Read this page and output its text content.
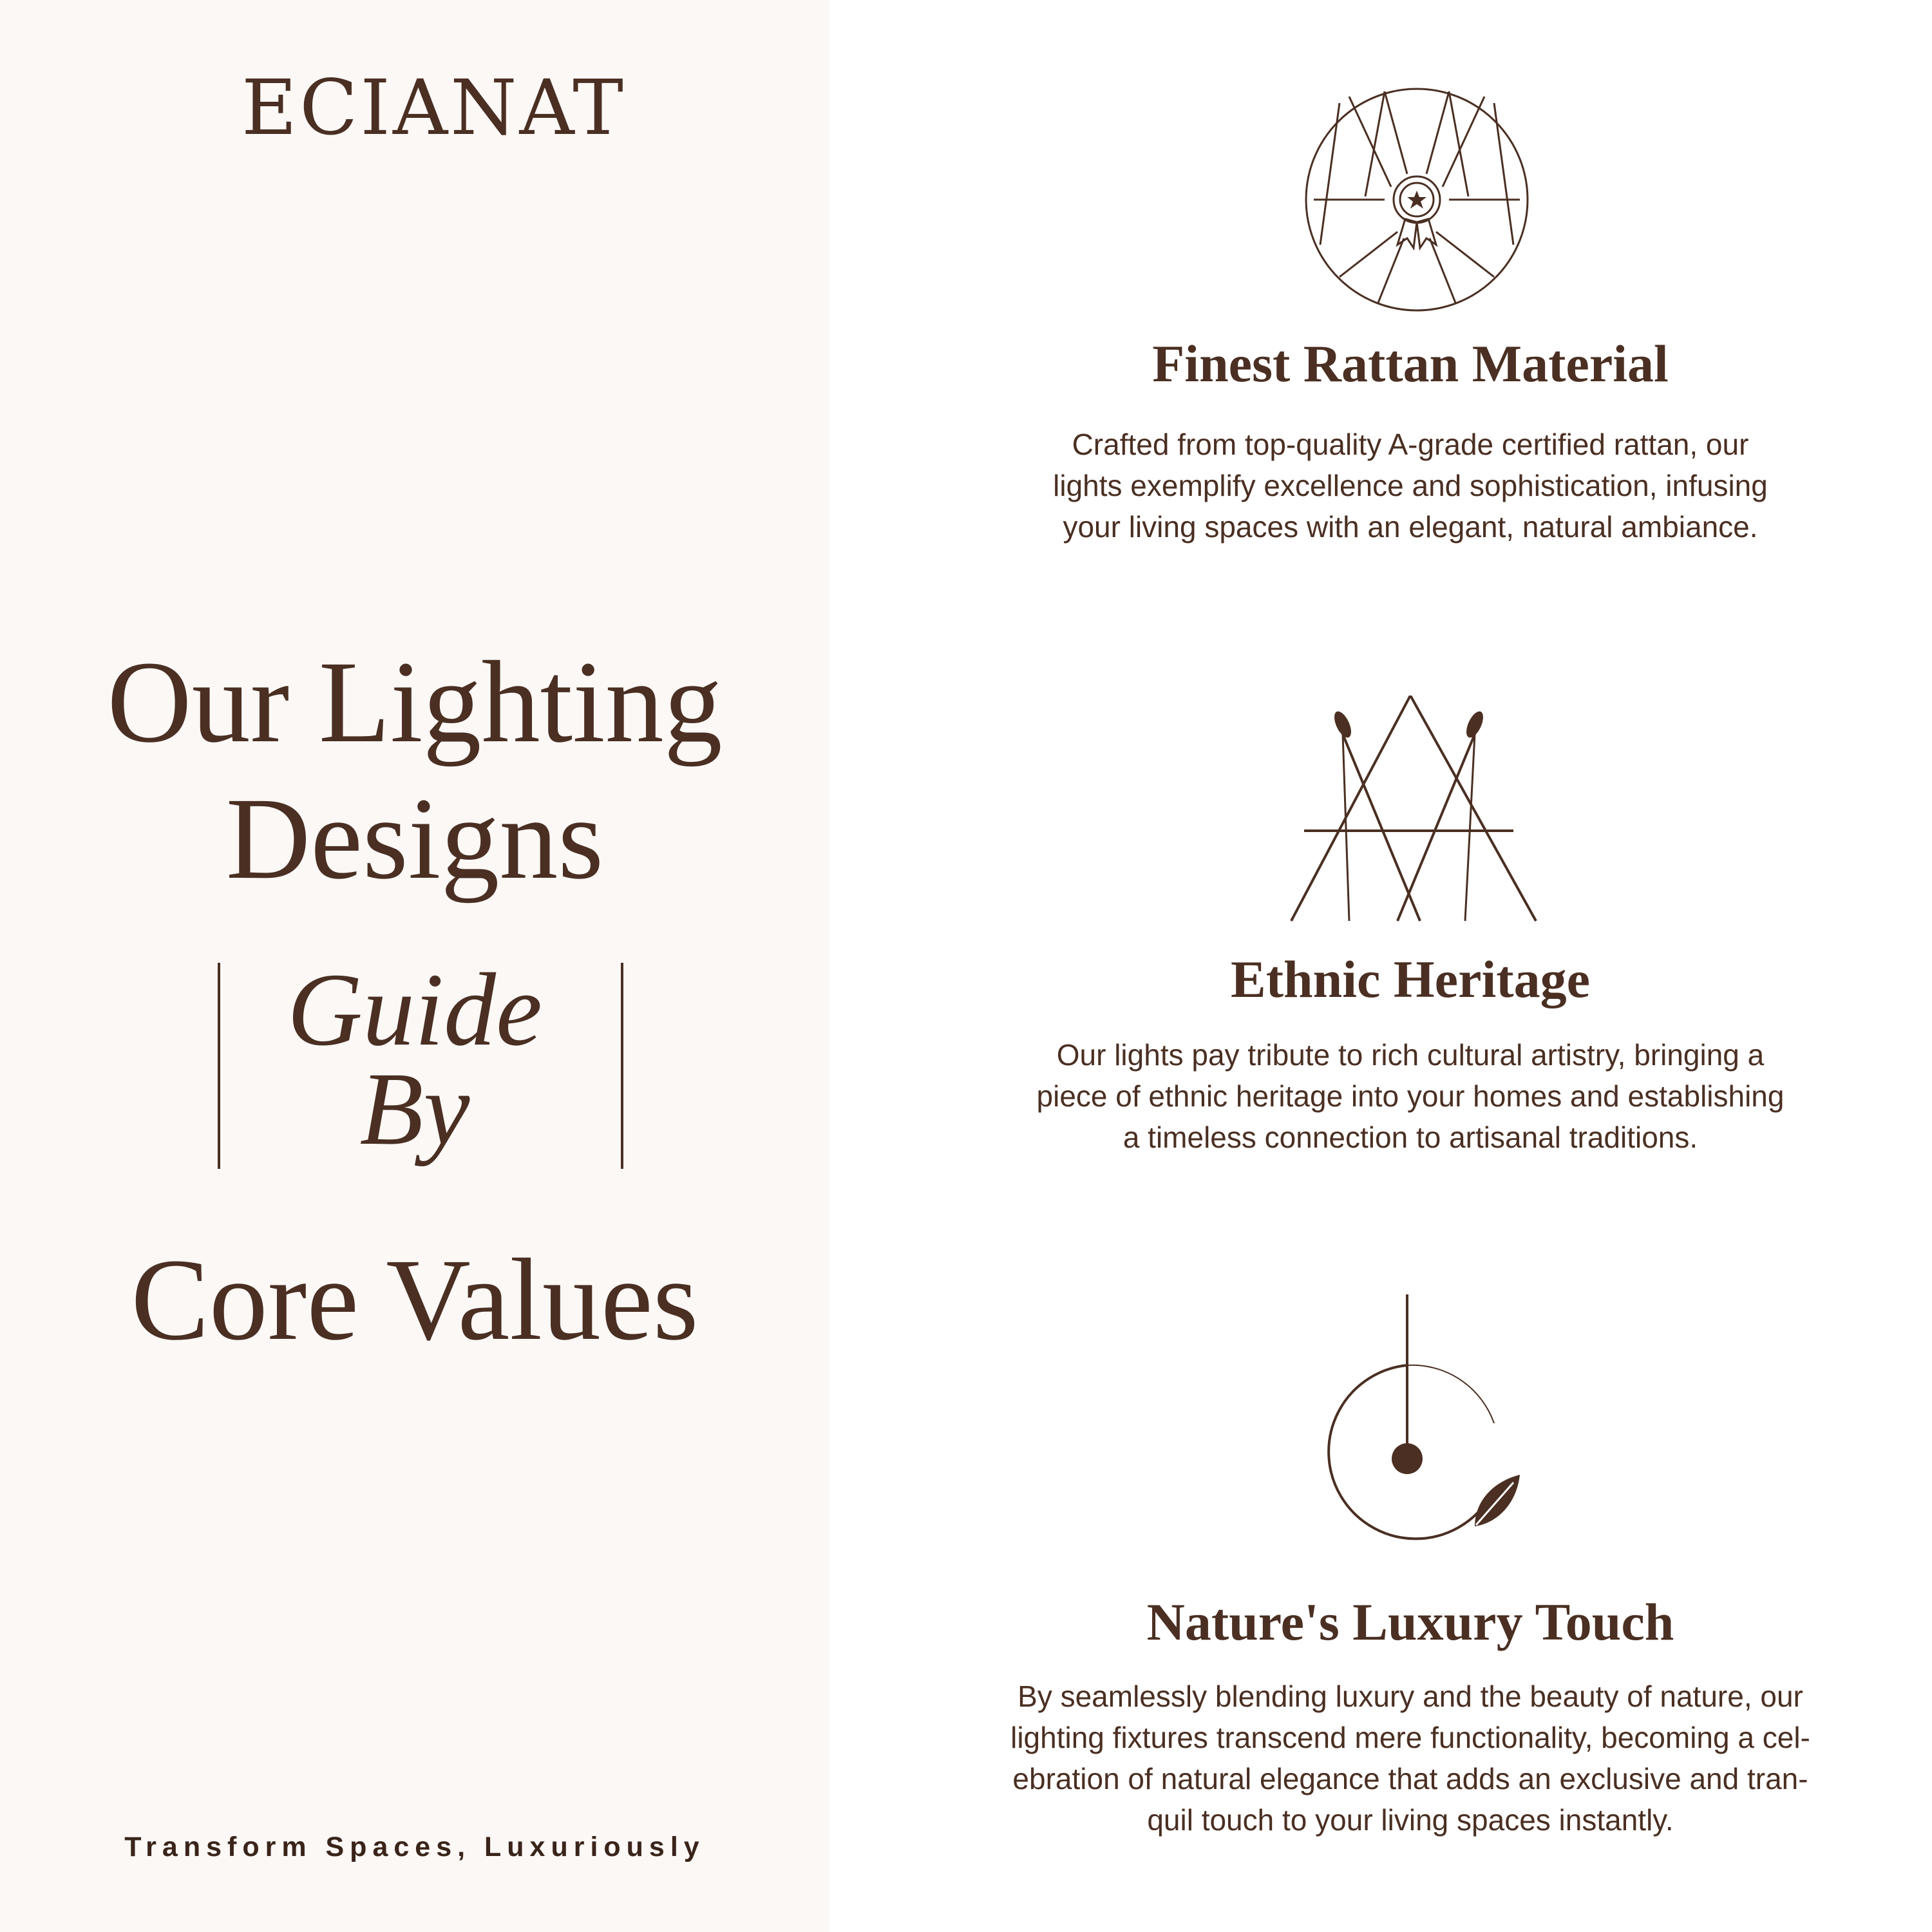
ECIANAT
Our Lighting
Designs
Guide
By
Core Values
Transform Spaces, Luxuriously
Finest Rattan Material
Crafted from top-quality A-grade certified rattan, our
lights exemplify excellence and sophistication, infusing
your living spaces with an elegant, natural ambiance.
Ethnic Heritage
Our lights pay tribute to rich cultural artistry, bringing a
piece of ethnic heritage into your homes and establishing
a timeless connection to artisanal traditions.
Nature's Luxury Touch
By seamlessly blending luxury and the beauty of nature, our
lighting fixtures transcend mere functionality, becoming a cel-
ebration of natural elegance that adds an exclusive and tran-
quil touch to your living spaces instantly.
